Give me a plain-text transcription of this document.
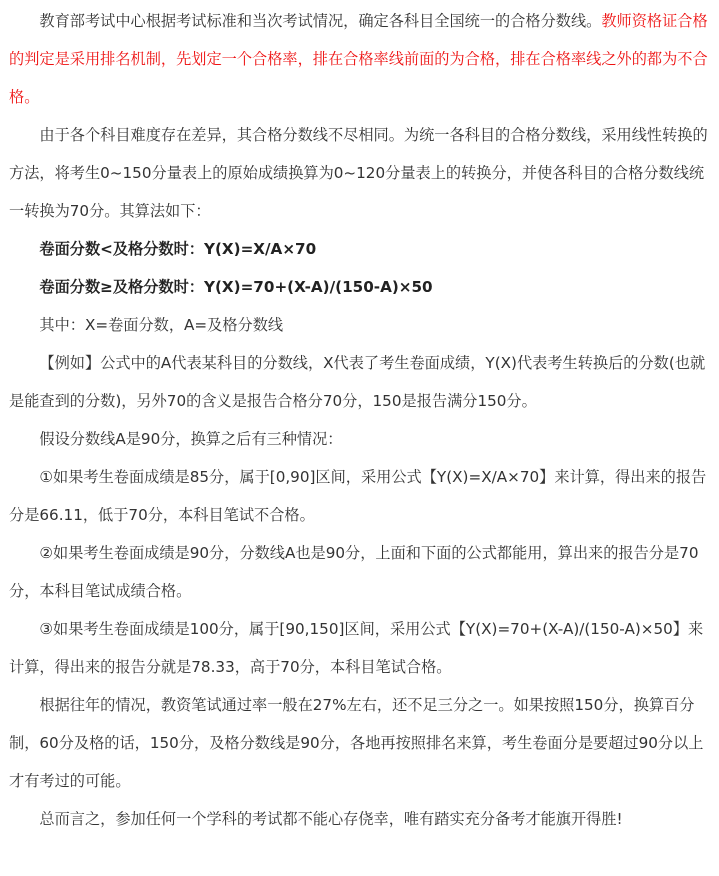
教育部考试中心根据考试标准和当次考试情况，确定各科目全国统一的合格分数线。教师资格证合格的判定是采用排名机制，先划定一个合格率，排在合格率线前面的为合格，排在合格率线之外的都为不合格。

由于各个科目难度存在差异，其合格分数线不尽相同。为统一各科目的合格分数线，采用线性转换的方法，将考生0~150分量表上的原始成绩换算为0~120分量表上的转换分，并使各科目的合格分数线统一转换为70分。其算法如下：

卷面分数<及格分数时：Y(X)=X/A×70

卷面分数≥及格分数时：Y(X)=70+(X-A)/(150-A)×50

其中：X=卷面分数，A=及格分数线

【例如】公式中的A代表某科目的分数线，X代表了考生卷面成绩，Y(X)代表考生转换后的分数(也就是能查到的分数)，另外70的含义是报告合格分70分，150是报告满分150分。

假设分数线A是90分，换算之后有三种情况：

①如果考生卷面成绩是85分，属于[0,90]区间，采用公式【Y(X)=X/A×70】来计算，得出来的报告分是66.11，低于70分，本科目笔试不合格。

②如果考生卷面成绩是90分，分数线A也是90分，上面和下面的公式都能用，算出来的报告分是70分，本科目笔试成绩合格。

③如果考生卷面成绩是100分，属于[90,150]区间，采用公式【Y(X)=70+(X-A)/(150-A)×50】来计算，得出来的报告分就是78.33，高于70分，本科目笔试合格。

根据往年的情况，教资笔试通过率一般在27%左右，还不足三分之一。如果按照150分，换算百分制，60分及格的话，150分，及格分数线是90分，各地再按照排名来算，考生卷面分是要超过90分以上才有考过的可能。

总而言之，参加任何一个学科的考试都不能心存侥幸，唯有踏实充分备考才能旗开得胜!
